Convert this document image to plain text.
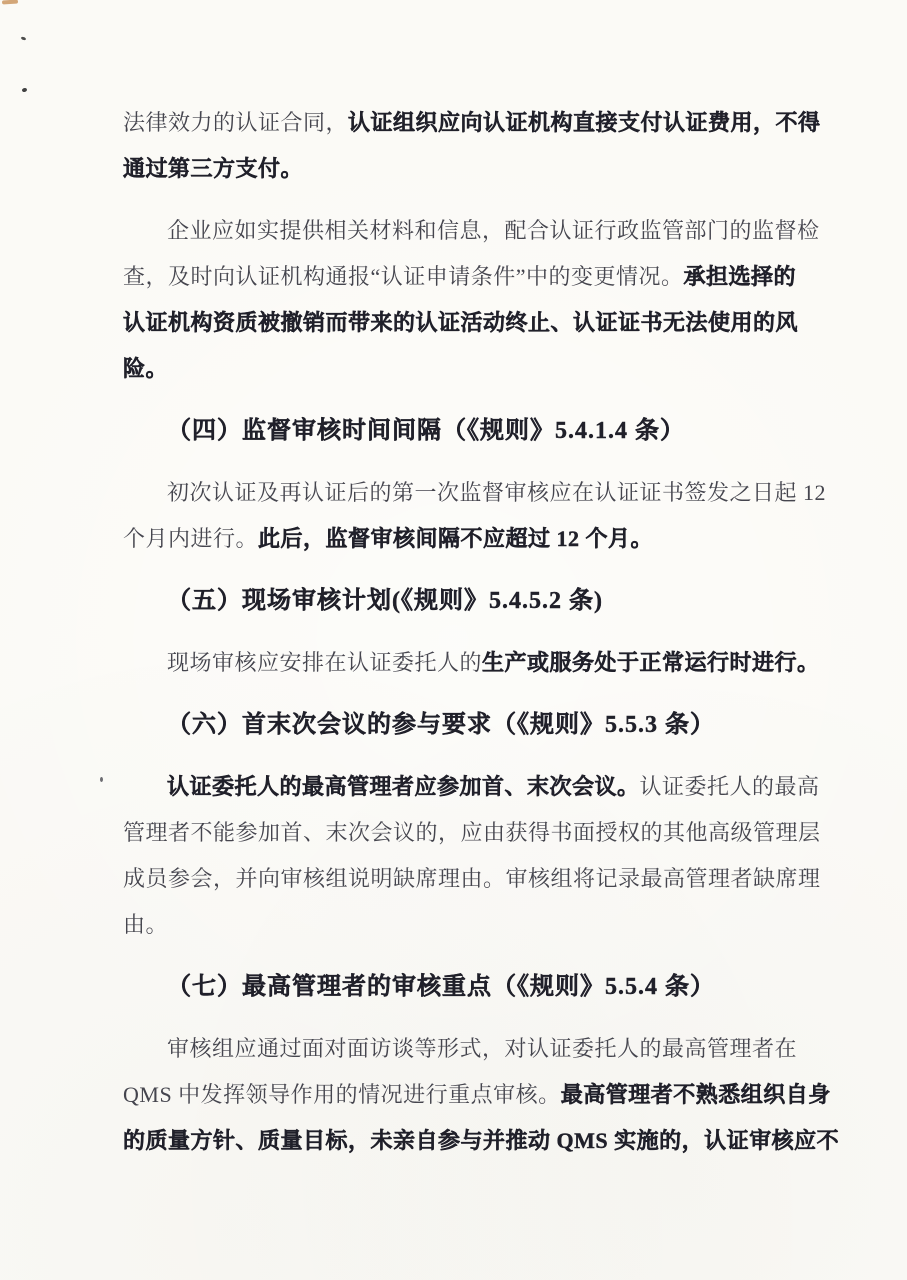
法律效力的认证合同，认证组织应向认证机构直接支付认证费用，不得
通过第三方支付。
企业应如实提供相关材料和信息，配合认证行政监管部门的监督检
查，及时向认证机构通报“认证申请条件”中的变更情况。承担选择的
认证机构资质被撤销而带来的认证活动终止、认证证书无法使用的风
险。
（四）监督审核时间间隔（《规则》5.4.1.4 条）
初次认证及再认证后的第一次监督审核应在认证证书签发之日起 12
个月内进行。此后，监督审核间隔不应超过 12 个月。
（五）现场审核计划(《规则》5.4.5.2 条)
现场审核应安排在认证委托人的生产或服务处于正常运行时进行。
（六）首末次会议的参与要求（《规则》5.5.3 条）
认证委托人的最高管理者应参加首、末次会议。认证委托人的最高
管理者不能参加首、末次会议的，应由获得书面授权的其他高级管理层
成员参会，并向审核组说明缺席理由。审核组将记录最高管理者缺席理
由。
（七）最高管理者的审核重点（《规则》5.5.4 条）
审核组应通过面对面访谈等形式，对认证委托人的最高管理者在
QMS 中发挥领导作用的情况进行重点审核。最高管理者不熟悉组织自身
的质量方针、质量目标，未亲自参与并推动 QMS 实施的，认证审核应不
